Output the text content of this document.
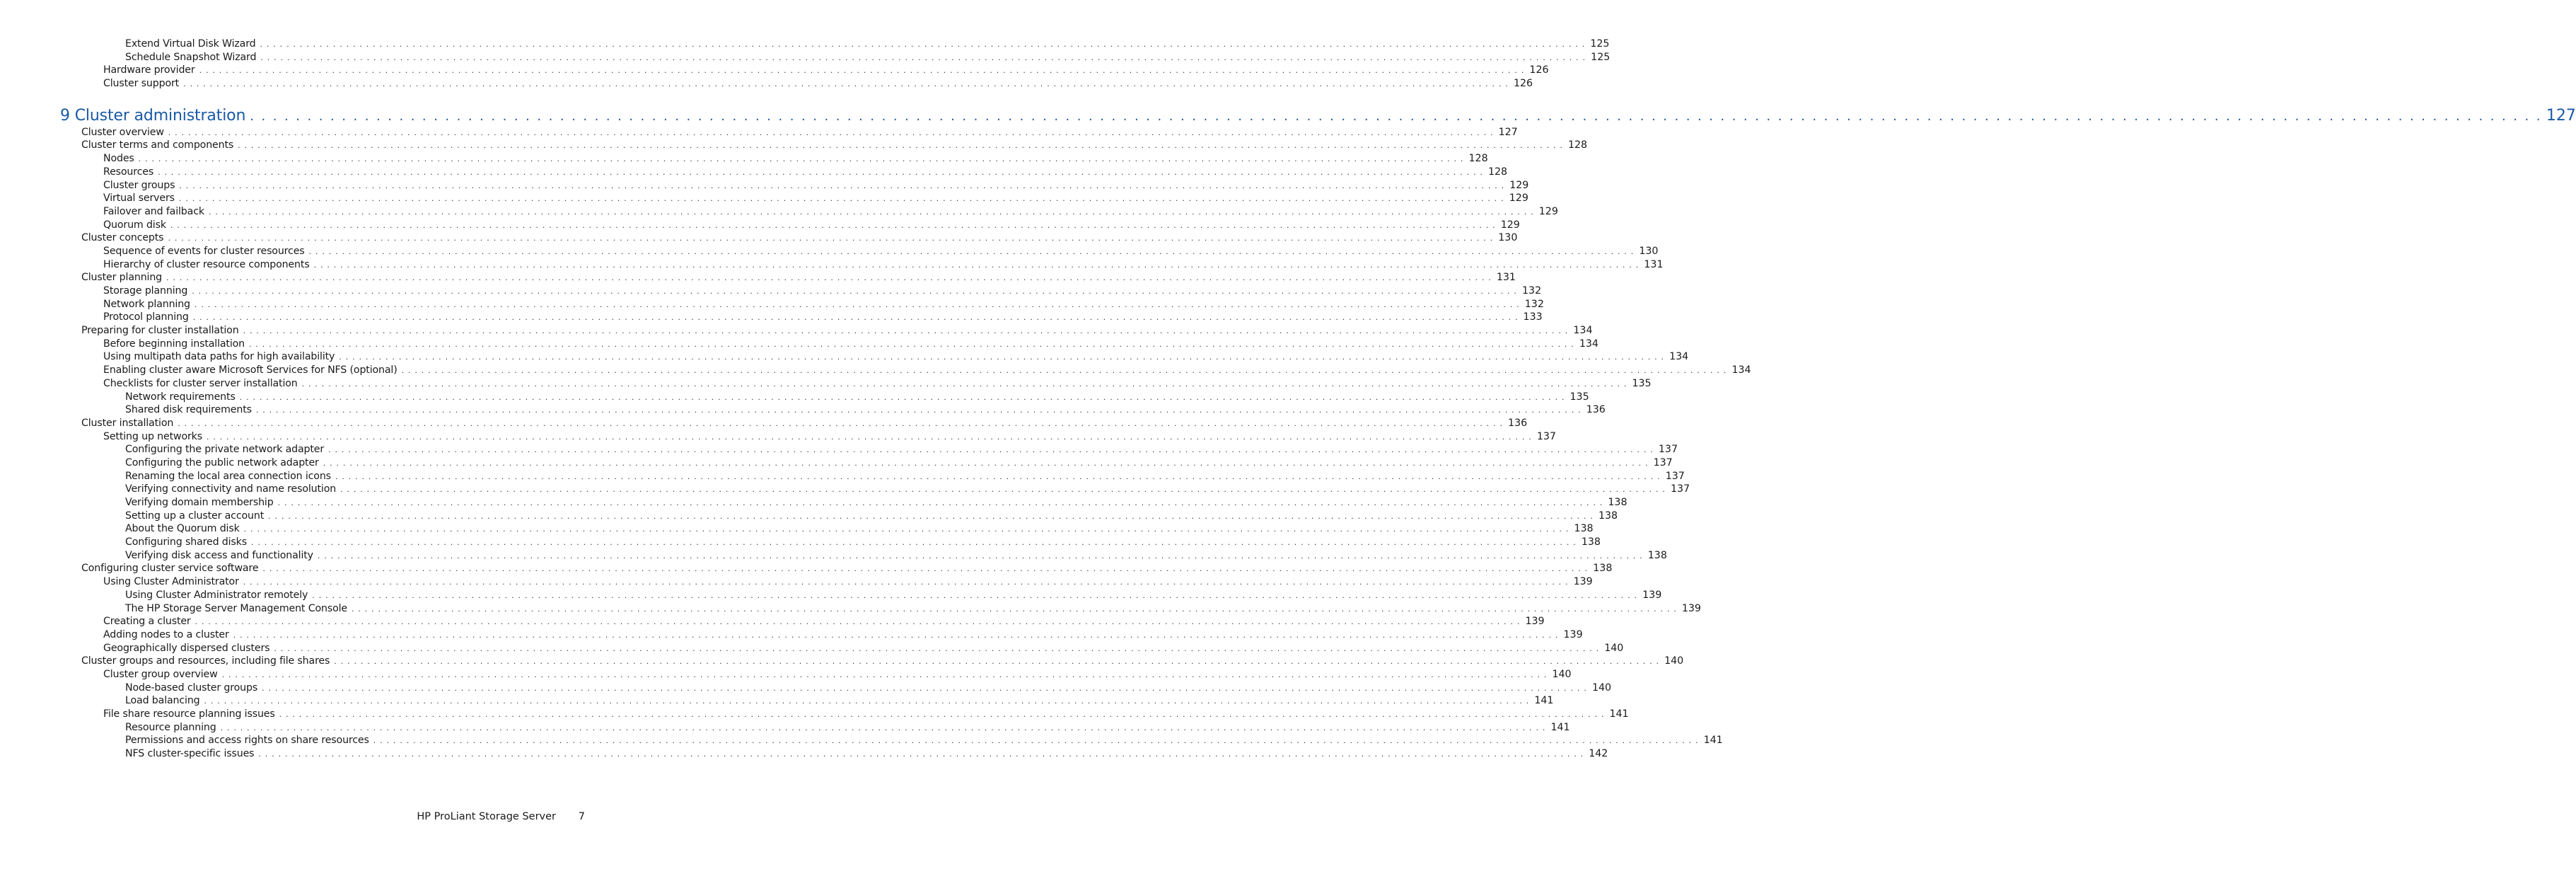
Extend Virtual Disk Wizard . . . . . . . . . . . . . . . . . . . . . . . . . . . . . . . . . . . . . . . . . . . . . . . . . . . . . . . . . . . . . . . . . . . . . . . . . . . . . . . . . . . . . . . . . . . . . . . . . . . . . . . . . . . . . . . . . . . . . . . . . . . . . . . . . . . . . . . . . . . . . . . . . . . . . . . . . . . . . . . . . . . . . . . . . . . . . . . . . . . . . . . . . . . . . . . . . . . . . . . . 125
Schedule Snapshot Wizard . . . . . . . . . . . . . . . . . . . . . . . . . . . . . . . . . . . . . . . . . . . . . . . . . . . . . . . . . . . . . . . . . . . . . . . . . . . . . . . . . . . . . . . . . . . . . . . . . . . . . . . . . . . . . . . . . . . . . . . . . . . . . . . . . . . . . . . . . . . . . . . . . . . . . . . . . . . . . . . . . . . . . . . . . . . . . . . . . . . . . . . . . . . . . . . . . . . . . . . . 125
Hardware provider . . . . . . . . . . . . . . . . . . . . . . . . . . . . . . . . . . . . . . . . . . . . . . . . . . . . . . . . . . . . . . . . . . . . . . . . . . . . . . . . . . . . . . . . . . . . . . . . . . . . . . . . . . . . . . . . . . . . . . . . . . . . . . . . . . . . . . . . . . . . . . . . . . . . . . . . . . . . . . . . . . . . . . . . . . . . . . . . . . . . . . . . . . . . . . . . . . . . . . . . 126
Cluster support . . . . . . . . . . . . . . . . . . . . . . . . . . . . . . . . . . . . . . . . . . . . . . . . . . . . . . . . . . . . . . . . . . . . . . . . . . . . . . . . . . . . . . . . . . . . . . . . . . . . . . . . . . . . . . . . . . . . . . . . . . . . . . . . . . . . . . . . . . . . . . . . . . . . . . . . . . . . . . . . . . . . . . . . . . . . . . . . . . . . . . . . . . . . . . . . . . . . . . . . 126
9 Cluster administration . . . . . . . . . . . . . . . . . . . . . . . . . . . . . . . . . . . . . . . . . . . . . . . . . . . . . . . . . . . . . . . . . . . . . . . . . . . . . . . . . . . . . . . . . . . . . . . . . . . . . . . . . . . . . . . . . . . . . . . . . . . . . . . . . . . . . . . . . . . . . . . . . . . . . . . . . . . . . . . . . . . . . . . . . . . . . . . . . . . . . . . . . . . . . . . . . . . . . . . . 127
Cluster overview . . . . . . . . . . . . . . . . . . . . . . . . . . . . . . . . . . . . . . . . . . . . . . . . . . . . . . . . . . . . . . . . . . . . . . . . . . . . . . . . . . . . . . . . . . . . . . . . . . . . . . . . . . . . . . . . . . . . . . . . . . . . . . . . . . . . . . . . . . . . . . . . . . . . . . . . . . . . . . . . . . . . . . . . . . . . . . . . . . . . . . . . . . . . . . . . . . . . . . . . 127
Cluster terms and components . . . . . . . . . . . . . . . . . . . . . . . . . . . . . . . . . . . . . . . . . . . . . . . . . . . . . . . . . . . . . . . . . . . . . . . . . . . . . . . . . . . . . . . . . . . . . . . . . . . . . . . . . . . . . . . . . . . . . . . . . . . . . . . . . . . . . . . . . . . . . . . . . . . . . . . . . . . . . . . . . . . . . . . . . . . . . . . . . . . . . . . . . . . . . . . . . . . . . . . . 128
Nodes . . . . . . . . . . . . . . . . . . . . . . . . . . . . . . . . . . . . . . . . . . . . . . . . . . . . . . . . . . . . . . . . . . . . . . . . . . . . . . . . . . . . . . . . . . . . . . . . . . . . . . . . . . . . . . . . . . . . . . . . . . . . . . . . . . . . . . . . . . . . . . . . . . . . . . . . . . . . . . . . . . . . . . . . . . . . . . . . . . . . . . . . . . . . . . . . . . . . . . . . 128
Resources . . . . . . . . . . . . . . . . . . . . . . . . . . . . . . . . . . . . . . . . . . . . . . . . . . . . . . . . . . . . . . . . . . . . . . . . . . . . . . . . . . . . . . . . . . . . . . . . . . . . . . . . . . . . . . . . . . . . . . . . . . . . . . . . . . . . . . . . . . . . . . . . . . . . . . . . . . . . . . . . . . . . . . . . . . . . . . . . . . . . . . . . . . . . . . . . . . . . . . . . 128
Cluster groups . . . . . . . . . . . . . . . . . . . . . . . . . . . . . . . . . . . . . . . . . . . . . . . . . . . . . . . . . . . . . . . . . . . . . . . . . . . . . . . . . . . . . . . . . . . . . . . . . . . . . . . . . . . . . . . . . . . . . . . . . . . . . . . . . . . . . . . . . . . . . . . . . . . . . . . . . . . . . . . . . . . . . . . . . . . . . . . . . . . . . . . . . . . . . . . . . . . . . . . . 129
Virtual servers . . . . . . . . . . . . . . . . . . . . . . . . . . . . . . . . . . . . . . . . . . . . . . . . . . . . . . . . . . . . . . . . . . . . . . . . . . . . . . . . . . . . . . . . . . . . . . . . . . . . . . . . . . . . . . . . . . . . . . . . . . . . . . . . . . . . . . . . . . . . . . . . . . . . . . . . . . . . . . . . . . . . . . . . . . . . . . . . . . . . . . . . . . . . . . . . . . . . . . . . 129
Failover and failback . . . . . . . . . . . . . . . . . . . . . . . . . . . . . . . . . . . . . . . . . . . . . . . . . . . . . . . . . . . . . . . . . . . . . . . . . . . . . . . . . . . . . . . . . . . . . . . . . . . . . . . . . . . . . . . . . . . . . . . . . . . . . . . . . . . . . . . . . . . . . . . . . . . . . . . . . . . . . . . . . . . . . . . . . . . . . . . . . . . . . . . . . . . . . . . . . . . . . . . . 129
Quorum disk . . . . . . . . . . . . . . . . . . . . . . . . . . . . . . . . . . . . . . . . . . . . . . . . . . . . . . . . . . . . . . . . . . . . . . . . . . . . . . . . . . . . . . . . . . . . . . . . . . . . . . . . . . . . . . . . . . . . . . . . . . . . . . . . . . . . . . . . . . . . . . . . . . . . . . . . . . . . . . . . . . . . . . . . . . . . . . . . . . . . . . . . . . . . . . . . . . . . . . . . 129
Cluster concepts . . . . . . . . . . . . . . . . . . . . . . . . . . . . . . . . . . . . . . . . . . . . . . . . . . . . . . . . . . . . . . . . . . . . . . . . . . . . . . . . . . . . . . . . . . . . . . . . . . . . . . . . . . . . . . . . . . . . . . . . . . . . . . . . . . . . . . . . . . . . . . . . . . . . . . . . . . . . . . . . . . . . . . . . . . . . . . . . . . . . . . . . . . . . . . . . . . . . . . . . 130
Sequence of events for cluster resources . . . . . . . . . . . . . . . . . . . . . . . . . . . . . . . . . . . . . . . . . . . . . . . . . . . . . . . . . . . . . . . . . . . . . . . . . . . . . . . . . . . . . . . . . . . . . . . . . . . . . . . . . . . . . . . . . . . . . . . . . . . . . . . . . . . . . . . . . . . . . . . . . . . . . . . . . . . . . . . . . . . . . . . . . . . . . . . . . . . . . . . . . . . . . . . . . . . . . . . . 130
Hierarchy of cluster resource components . . . . . . . . . . . . . . . . . . . . . . . . . . . . . . . . . . . . . . . . . . . . . . . . . . . . . . . . . . . . . . . . . . . . . . . . . . . . . . . . . . . . . . . . . . . . . . . . . . . . . . . . . . . . . . . . . . . . . . . . . . . . . . . . . . . . . . . . . . . . . . . . . . . . . . . . . . . . . . . . . . . . . . . . . . . . . . . . . . . . . . . . . . . . . . . . . . . . . . . . 131
Cluster planning . . . . . . . . . . . . . . . . . . . . . . . . . . . . . . . . . . . . . . . . . . . . . . . . . . . . . . . . . . . . . . . . . . . . . . . . . . . . . . . . . . . . . . . . . . . . . . . . . . . . . . . . . . . . . . . . . . . . . . . . . . . . . . . . . . . . . . . . . . . . . . . . . . . . . . . . . . . . . . . . . . . . . . . . . . . . . . . . . . . . . . . . . . . . . . . . . . . . . . . . 131
Storage planning . . . . . . . . . . . . . . . . . . . . . . . . . . . . . . . . . . . . . . . . . . . . . . . . . . . . . . . . . . . . . . . . . . . . . . . . . . . . . . . . . . . . . . . . . . . . . . . . . . . . . . . . . . . . . . . . . . . . . . . . . . . . . . . . . . . . . . . . . . . . . . . . . . . . . . . . . . . . . . . . . . . . . . . . . . . . . . . . . . . . . . . . . . . . . . . . . . . . . . . . 132
Network planning . . . . . . . . . . . . . . . . . . . . . . . . . . . . . . . . . . . . . . . . . . . . . . . . . . . . . . . . . . . . . . . . . . . . . . . . . . . . . . . . . . . . . . . . . . . . . . . . . . . . . . . . . . . . . . . . . . . . . . . . . . . . . . . . . . . . . . . . . . . . . . . . . . . . . . . . . . . . . . . . . . . . . . . . . . . . . . . . . . . . . . . . . . . . . . . . . . . . . . . . 132
Protocol planning . . . . . . . . . . . . . . . . . . . . . . . . . . . . . . . . . . . . . . . . . . . . . . . . . . . . . . . . . . . . . . . . . . . . . . . . . . . . . . . . . . . . . . . . . . . . . . . . . . . . . . . . . . . . . . . . . . . . . . . . . . . . . . . . . . . . . . . . . . . . . . . . . . . . . . . . . . . . . . . . . . . . . . . . . . . . . . . . . . . . . . . . . . . . . . . . . . . . . . . . 133
Preparing for cluster installation . . . . . . . . . . . . . . . . . . . . . . . . . . . . . . . . . . . . . . . . . . . . . . . . . . . . . . . . . . . . . . . . . . . . . . . . . . . . . . . . . . . . . . . . . . . . . . . . . . . . . . . . . . . . . . . . . . . . . . . . . . . . . . . . . . . . . . . . . . . . . . . . . . . . . . . . . . . . . . . . . . . . . . . . . . . . . . . . . . . . . . . . . . . . . . . . . . . . . . . . 134
Before beginning installation . . . . . . . . . . . . . . . . . . . . . . . . . . . . . . . . . . . . . . . . . . . . . . . . . . . . . . . . . . . . . . . . . . . . . . . . . . . . . . . . . . . . . . . . . . . . . . . . . . . . . . . . . . . . . . . . . . . . . . . . . . . . . . . . . . . . . . . . . . . . . . . . . . . . . . . . . . . . . . . . . . . . . . . . . . . . . . . . . . . . . . . . . . . . . . . . . . . . . . . . 134
Using multipath data paths for high availability . . . . . . . . . . . . . . . . . . . . . . . . . . . . . . . . . . . . . . . . . . . . . . . . . . . . . . . . . . . . . . . . . . . . . . . . . . . . . . . . . . . . . . . . . . . . . . . . . . . . . . . . . . . . . . . . . . . . . . . . . . . . . . . . . . . . . . . . . . . . . . . . . . . . . . . . . . . . . . . . . . . . . . . . . . . . . . . . . . . . . . . . . . . . . . . . . . . . . . . . 134
Enabling cluster aware Microsoft Services for NFS (optional) . . . . . . . . . . . . . . . . . . . . . . . . . . . . . . . . . . . . . . . . . . . . . . . . . . . . . . . . . . . . . . . . . . . . . . . . . . . . . . . . . . . . . . . . . . . . . . . . . . . . . . . . . . . . . . . . . . . . . . . . . . . . . . . . . . . . . . . . . . . . . . . . . . . . . . . . . . . . . . . . . . . . . . . . . . . . . . . . . . . . . . . . . . . . . . . . . . . . . . . . 134
Checklists for cluster server installation . . . . . . . . . . . . . . . . . . . . . . . . . . . . . . . . . . . . . . . . . . . . . . . . . . . . . . . . . . . . . . . . . . . . . . . . . . . . . . . . . . . . . . . . . . . . . . . . . . . . . . . . . . . . . . . . . . . . . . . . . . . . . . . . . . . . . . . . . . . . . . . . . . . . . . . . . . . . . . . . . . . . . . . . . . . . . . . . . . . . . . . . . . . . . . . . . . . . . . . . 135
Network requirements . . . . . . . . . . . . . . . . . . . . . . . . . . . . . . . . . . . . . . . . . . . . . . . . . . . . . . . . . . . . . . . . . . . . . . . . . . . . . . . . . . . . . . . . . . . . . . . . . . . . . . . . . . . . . . . . . . . . . . . . . . . . . . . . . . . . . . . . . . . . . . . . . . . . . . . . . . . . . . . . . . . . . . . . . . . . . . . . . . . . . . . . . . . . . . . . . . . . . . . . 135
Shared disk requirements . . . . . . . . . . . . . . . . . . . . . . . . . . . . . . . . . . . . . . . . . . . . . . . . . . . . . . . . . . . . . . . . . . . . . . . . . . . . . . . . . . . . . . . . . . . . . . . . . . . . . . . . . . . . . . . . . . . . . . . . . . . . . . . . . . . . . . . . . . . . . . . . . . . . . . . . . . . . . . . . . . . . . . . . . . . . . . . . . . . . . . . . . . . . . . . . . . . . . . . . 136
Cluster installation . . . . . . . . . . . . . . . . . . . . . . . . . . . . . . . . . . . . . . . . . . . . . . . . . . . . . . . . . . . . . . . . . . . . . . . . . . . . . . . . . . . . . . . . . . . . . . . . . . . . . . . . . . . . . . . . . . . . . . . . . . . . . . . . . . . . . . . . . . . . . . . . . . . . . . . . . . . . . . . . . . . . . . . . . . . . . . . . . . . . . . . . . . . . . . . . . . . . . . . . 136
Setting up networks . . . . . . . . . . . . . . . . . . . . . . . . . . . . . . . . . . . . . . . . . . . . . . . . . . . . . . . . . . . . . . . . . . . . . . . . . . . . . . . . . . . . . . . . . . . . . . . . . . . . . . . . . . . . . . . . . . . . . . . . . . . . . . . . . . . . . . . . . . . . . . . . . . . . . . . . . . . . . . . . . . . . . . . . . . . . . . . . . . . . . . . . . . . . . . . . . . . . . . . . 137
Configuring the private network adapter . . . . . . . . . . . . . . . . . . . . . . . . . . . . . . . . . . . . . . . . . . . . . . . . . . . . . . . . . . . . . . . . . . . . . . . . . . . . . . . . . . . . . . . . . . . . . . . . . . . . . . . . . . . . . . . . . . . . . . . . . . . . . . . . . . . . . . . . . . . . . . . . . . . . . . . . . . . . . . . . . . . . . . . . . . . . . . . . . . . . . . . . . . . . . . . . . . . . . . . . 137
Configuring the public network adapter . . . . . . . . . . . . . . . . . . . . . . . . . . . . . . . . . . . . . . . . . . . . . . . . . . . . . . . . . . . . . . . . . . . . . . . . . . . . . . . . . . . . . . . . . . . . . . . . . . . . . . . . . . . . . . . . . . . . . . . . . . . . . . . . . . . . . . . . . . . . . . . . . . . . . . . . . . . . . . . . . . . . . . . . . . . . . . . . . . . . . . . . . . . . . . . . . . . . . . . . 137
Renaming the local area connection icons . . . . . . . . . . . . . . . . . . . . . . . . . . . . . . . . . . . . . . . . . . . . . . . . . . . . . . . . . . . . . . . . . . . . . . . . . . . . . . . . . . . . . . . . . . . . . . . . . . . . . . . . . . . . . . . . . . . . . . . . . . . . . . . . . . . . . . . . . . . . . . . . . . . . . . . . . . . . . . . . . . . . . . . . . . . . . . . . . . . . . . . . . . . . . . . . . . . . . . . . 137
Verifying connectivity and name resolution . . . . . . . . . . . . . . . . . . . . . . . . . . . . . . . . . . . . . . . . . . . . . . . . . . . . . . . . . . . . . . . . . . . . . . . . . . . . . . . . . . . . . . . . . . . . . . . . . . . . . . . . . . . . . . . . . . . . . . . . . . . . . . . . . . . . . . . . . . . . . . . . . . . . . . . . . . . . . . . . . . . . . . . . . . . . . . . . . . . . . . . . . . . . . . . . . . . . . . . . 137
Verifying domain membership . . . . . . . . . . . . . . . . . . . . . . . . . . . . . . . . . . . . . . . . . . . . . . . . . . . . . . . . . . . . . . . . . . . . . . . . . . . . . . . . . . . . . . . . . . . . . . . . . . . . . . . . . . . . . . . . . . . . . . . . . . . . . . . . . . . . . . . . . . . . . . . . . . . . . . . . . . . . . . . . . . . . . . . . . . . . . . . . . . . . . . . . . . . . . . . . . . . . . . . . 138
Setting up a cluster account . . . . . . . . . . . . . . . . . . . . . . . . . . . . . . . . . . . . . . . . . . . . . . . . . . . . . . . . . . . . . . . . . . . . . . . . . . . . . . . . . . . . . . . . . . . . . . . . . . . . . . . . . . . . . . . . . . . . . . . . . . . . . . . . . . . . . . . . . . . . . . . . . . . . . . . . . . . . . . . . . . . . . . . . . . . . . . . . . . . . . . . . . . . . . . . . . . . . . . . . 138
About the Quorum disk . . . . . . . . . . . . . . . . . . . . . . . . . . . . . . . . . . . . . . . . . . . . . . . . . . . . . . . . . . . . . . . . . . . . . . . . . . . . . . . . . . . . . . . . . . . . . . . . . . . . . . . . . . . . . . . . . . . . . . . . . . . . . . . . . . . . . . . . . . . . . . . . . . . . . . . . . . . . . . . . . . . . . . . . . . . . . . . . . . . . . . . . . . . . . . . . . . . . . . . . 138
Configuring shared disks . . . . . . . . . . . . . . . . . . . . . . . . . . . . . . . . . . . . . . . . . . . . . . . . . . . . . . . . . . . . . . . . . . . . . . . . . . . . . . . . . . . . . . . . . . . . . . . . . . . . . . . . . . . . . . . . . . . . . . . . . . . . . . . . . . . . . . . . . . . . . . . . . . . . . . . . . . . . . . . . . . . . . . . . . . . . . . . . . . . . . . . . . . . . . . . . . . . . . . . . 138
Verifying disk access and functionality . . . . . . . . . . . . . . . . . . . . . . . . . . . . . . . . . . . . . . . . . . . . . . . . . . . . . . . . . . . . . . . . . . . . . . . . . . . . . . . . . . . . . . . . . . . . . . . . . . . . . . . . . . . . . . . . . . . . . . . . . . . . . . . . . . . . . . . . . . . . . . . . . . . . . . . . . . . . . . . . . . . . . . . . . . . . . . . . . . . . . . . . . . . . . . . . . . . . . . . . 138
Configuring cluster service software . . . . . . . . . . . . . . . . . . . . . . . . . . . . . . . . . . . . . . . . . . . . . . . . . . . . . . . . . . . . . . . . . . . . . . . . . . . . . . . . . . . . . . . . . . . . . . . . . . . . . . . . . . . . . . . . . . . . . . . . . . . . . . . . . . . . . . . . . . . . . . . . . . . . . . . . . . . . . . . . . . . . . . . . . . . . . . . . . . . . . . . . . . . . . . . . . . . . . . . . 138
Using Cluster Administrator . . . . . . . . . . . . . . . . . . . . . . . . . . . . . . . . . . . . . . . . . . . . . . . . . . . . . . . . . . . . . . . . . . . . . . . . . . . . . . . . . . . . . . . . . . . . . . . . . . . . . . . . . . . . . . . . . . . . . . . . . . . . . . . . . . . . . . . . . . . . . . . . . . . . . . . . . . . . . . . . . . . . . . . . . . . . . . . . . . . . . . . . . . . . . . . . . . . . . . . . 139
Using Cluster Administrator remotely . . . . . . . . . . . . . . . . . . . . . . . . . . . . . . . . . . . . . . . . . . . . . . . . . . . . . . . . . . . . . . . . . . . . . . . . . . . . . . . . . . . . . . . . . . . . . . . . . . . . . . . . . . . . . . . . . . . . . . . . . . . . . . . . . . . . . . . . . . . . . . . . . . . . . . . . . . . . . . . . . . . . . . . . . . . . . . . . . . . . . . . . . . . . . . . . . . . . . . . . 139
The HP Storage Server Management Console . . . . . . . . . . . . . . . . . . . . . . . . . . . . . . . . . . . . . . . . . . . . . . . . . . . . . . . . . . . . . . . . . . . . . . . . . . . . . . . . . . . . . . . . . . . . . . . . . . . . . . . . . . . . . . . . . . . . . . . . . . . . . . . . . . . . . . . . . . . . . . . . . . . . . . . . . . . . . . . . . . . . . . . . . . . . . . . . . . . . . . . . . . . . . . . . . . . . . . . . 139
Creating a cluster . . . . . . . . . . . . . . . . . . . . . . . . . . . . . . . . . . . . . . . . . . . . . . . . . . . . . . . . . . . . . . . . . . . . . . . . . . . . . . . . . . . . . . . . . . . . . . . . . . . . . . . . . . . . . . . . . . . . . . . . . . . . . . . . . . . . . . . . . . . . . . . . . . . . . . . . . . . . . . . . . . . . . . . . . . . . . . . . . . . . . . . . . . . . . . . . . . . . . . . . 139
Adding nodes to a cluster . . . . . . . . . . . . . . . . . . . . . . . . . . . . . . . . . . . . . . . . . . . . . . . . . . . . . . . . . . . . . . . . . . . . . . . . . . . . . . . . . . . . . . . . . . . . . . . . . . . . . . . . . . . . . . . . . . . . . . . . . . . . . . . . . . . . . . . . . . . . . . . . . . . . . . . . . . . . . . . . . . . . . . . . . . . . . . . . . . . . . . . . . . . . . . . . . . . . . . . . 139
Geographically dispersed clusters . . . . . . . . . . . . . . . . . . . . . . . . . . . . . . . . . . . . . . . . . . . . . . . . . . . . . . . . . . . . . . . . . . . . . . . . . . . . . . . . . . . . . . . . . . . . . . . . . . . . . . . . . . . . . . . . . . . . . . . . . . . . . . . . . . . . . . . . . . . . . . . . . . . . . . . . . . . . . . . . . . . . . . . . . . . . . . . . . . . . . . . . . . . . . . . . . . . . . . . . 140
Cluster groups and resources, including file shares . . . . . . . . . . . . . . . . . . . . . . . . . . . . . . . . . . . . . . . . . . . . . . . . . . . . . . . . . . . . . . . . . . . . . . . . . . . . . . . . . . . . . . . . . . . . . . . . . . . . . . . . . . . . . . . . . . . . . . . . . . . . . . . . . . . . . . . . . . . . . . . . . . . . . . . . . . . . . . . . . . . . . . . . . . . . . . . . . . . . . . . . . . . . . . . . . . . . . . . . 140
Cluster group overview . . . . . . . . . . . . . . . . . . . . . . . . . . . . . . . . . . . . . . . . . . . . . . . . . . . . . . . . . . . . . . . . . . . . . . . . . . . . . . . . . . . . . . . . . . . . . . . . . . . . . . . . . . . . . . . . . . . . . . . . . . . . . . . . . . . . . . . . . . . . . . . . . . . . . . . . . . . . . . . . . . . . . . . . . . . . . . . . . . . . . . . . . . . . . . . . . . . . . . . . 140
Node-based cluster groups . . . . . . . . . . . . . . . . . . . . . . . . . . . . . . . . . . . . . . . . . . . . . . . . . . . . . . . . . . . . . . . . . . . . . . . . . . . . . . . . . . . . . . . . . . . . . . . . . . . . . . . . . . . . . . . . . . . . . . . . . . . . . . . . . . . . . . . . . . . . . . . . . . . . . . . . . . . . . . . . . . . . . . . . . . . . . . . . . . . . . . . . . . . . . . . . . . . . . . . . 140
Load balancing . . . . . . . . . . . . . . . . . . . . . . . . . . . . . . . . . . . . . . . . . . . . . . . . . . . . . . . . . . . . . . . . . . . . . . . . . . . . . . . . . . . . . . . . . . . . . . . . . . . . . . . . . . . . . . . . . . . . . . . . . . . . . . . . . . . . . . . . . . . . . . . . . . . . . . . . . . . . . . . . . . . . . . . . . . . . . . . . . . . . . . . . . . . . . . . . . . . . . . . . 141
File share resource planning issues . . . . . . . . . . . . . . . . . . . . . . . . . . . . . . . . . . . . . . . . . . . . . . . . . . . . . . . . . . . . . . . . . . . . . . . . . . . . . . . . . . . . . . . . . . . . . . . . . . . . . . . . . . . . . . . . . . . . . . . . . . . . . . . . . . . . . . . . . . . . . . . . . . . . . . . . . . . . . . . . . . . . . . . . . . . . . . . . . . . . . . . . . . . . . . . . . . . . . . . . 141
Resource planning . . . . . . . . . . . . . . . . . . . . . . . . . . . . . . . . . . . . . . . . . . . . . . . . . . . . . . . . . . . . . . . . . . . . . . . . . . . . . . . . . . . . . . . . . . . . . . . . . . . . . . . . . . . . . . . . . . . . . . . . . . . . . . . . . . . . . . . . . . . . . . . . . . . . . . . . . . . . . . . . . . . . . . . . . . . . . . . . . . . . . . . . . . . . . . . . . . . . . . . . 141
Permissions and access rights on share resources . . . . . . . . . . . . . . . . . . . . . . . . . . . . . . . . . . . . . . . . . . . . . . . . . . . . . . . . . . . . . . . . . . . . . . . . . . . . . . . . . . . . . . . . . . . . . . . . . . . . . . . . . . . . . . . . . . . . . . . . . . . . . . . . . . . . . . . . . . . . . . . . . . . . . . . . . . . . . . . . . . . . . . . . . . . . . . . . . . . . . . . . . . . . . . . . . . . . . . . . 141
NFS cluster-specific issues . . . . . . . . . . . . . . . . . . . . . . . . . . . . . . . . . . . . . . . . . . . . . . . . . . . . . . . . . . . . . . . . . . . . . . . . . . . . . . . . . . . . . . . . . . . . . . . . . . . . . . . . . . . . . . . . . . . . . . . . . . . . . . . . . . . . . . . . . . . . . . . . . . . . . . . . . . . . . . . . . . . . . . . . . . . . . . . . . . . . . . . . . . . . . . . . . . . . . . . . 142
HP ProLiant Storage Server 7
